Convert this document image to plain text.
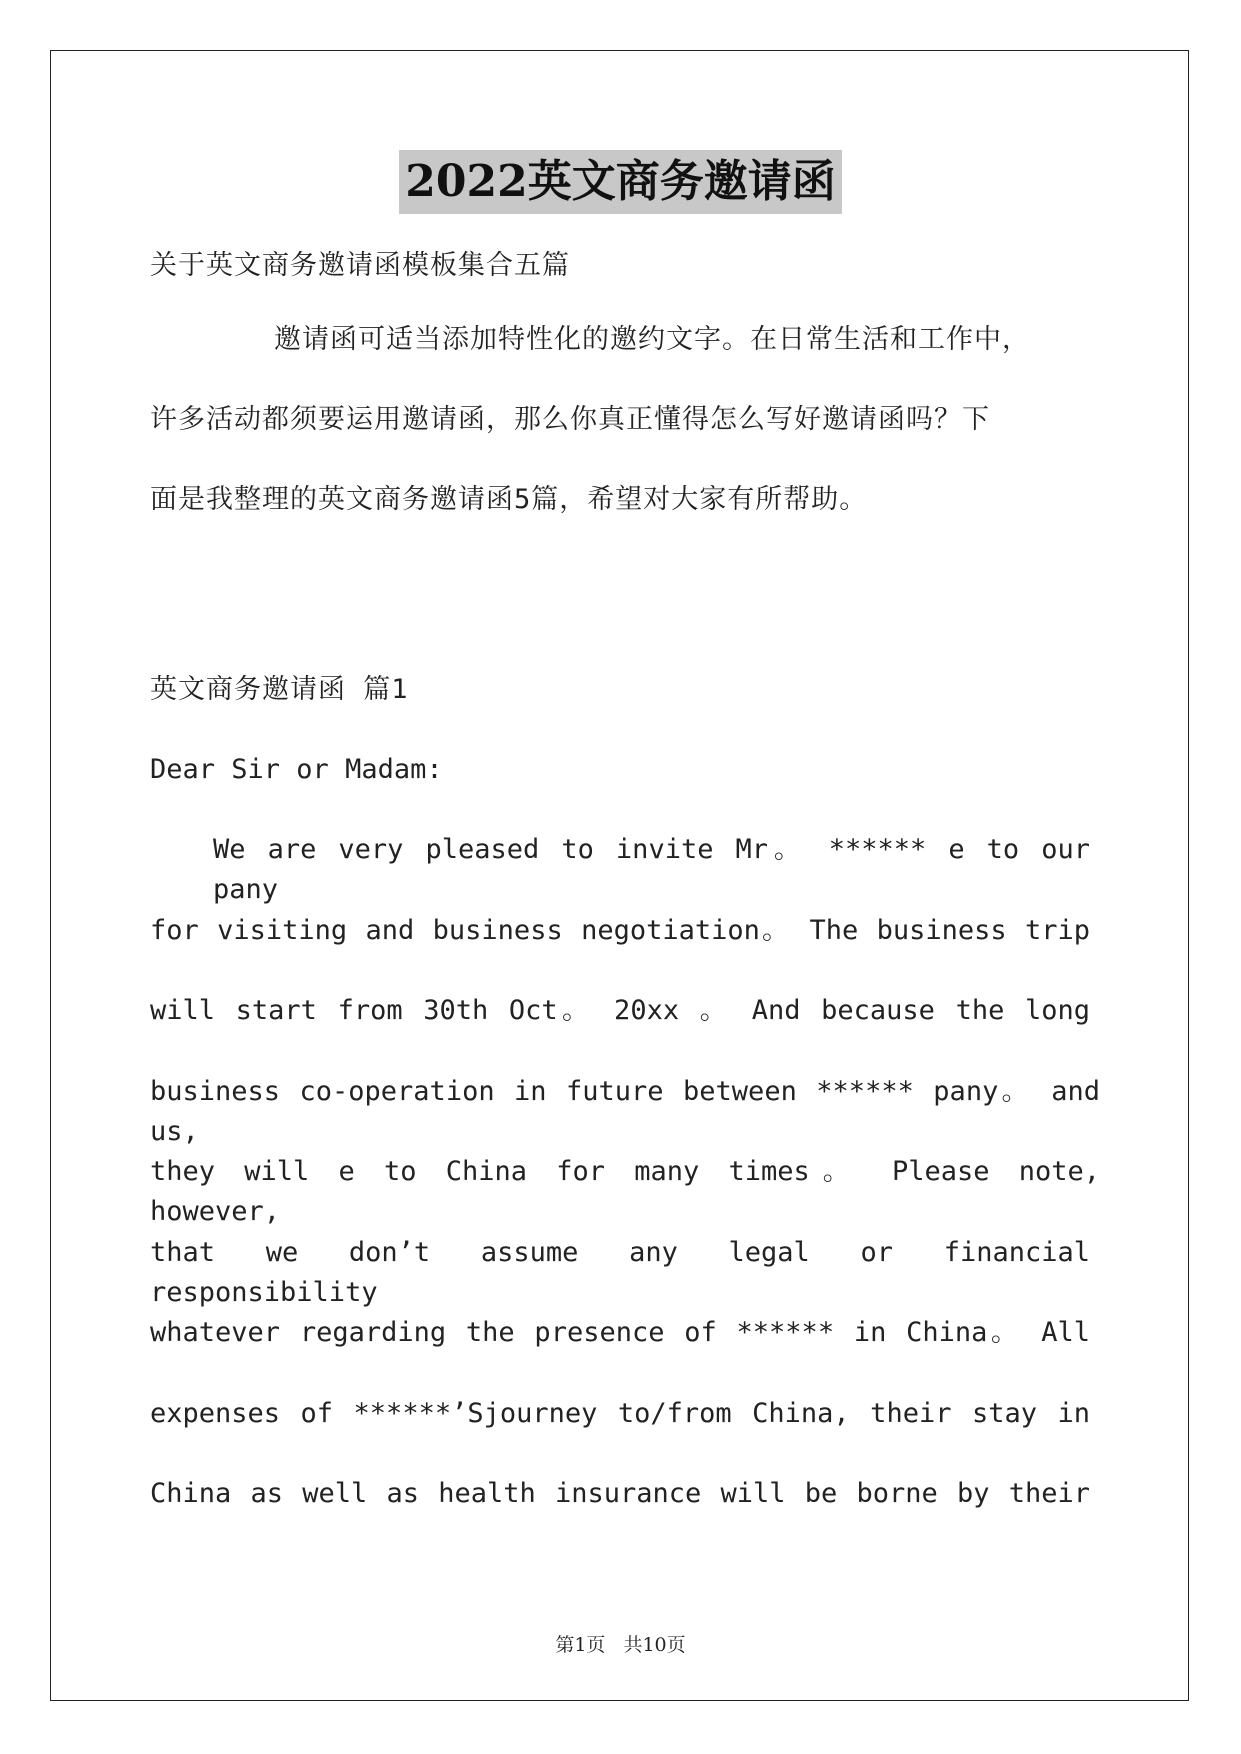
2022英文商务邀请函
关于英文商务邀请函模板集合五篇
邀请函可适当添加特性化的邀约文字。在日常生活和工作中，
许多活动都须要运用邀请函，那么你真正懂得怎么写好邀请函吗？下
面是我整理的英文商务邀请函5篇，希望对大家有所帮助。
英文商务邀请函 篇1
Dear Sir or Madam:
We are very pleased to invite Mr。 ****** e to our pany
for visiting and business negotiation。 The business trip
will start from 30th Oct。 20xx 。 And because the long
business co-operation in future between ****** pany。 and us,
they will e to China for many times。 Please note, however,
that we don’t assume any legal or financial responsibility
whatever regarding the presence of ****** in China。 All
expenses of ******’Sjourney to/from China, their stay in
China as well as health insurance will be borne by their
第1页 共10页
